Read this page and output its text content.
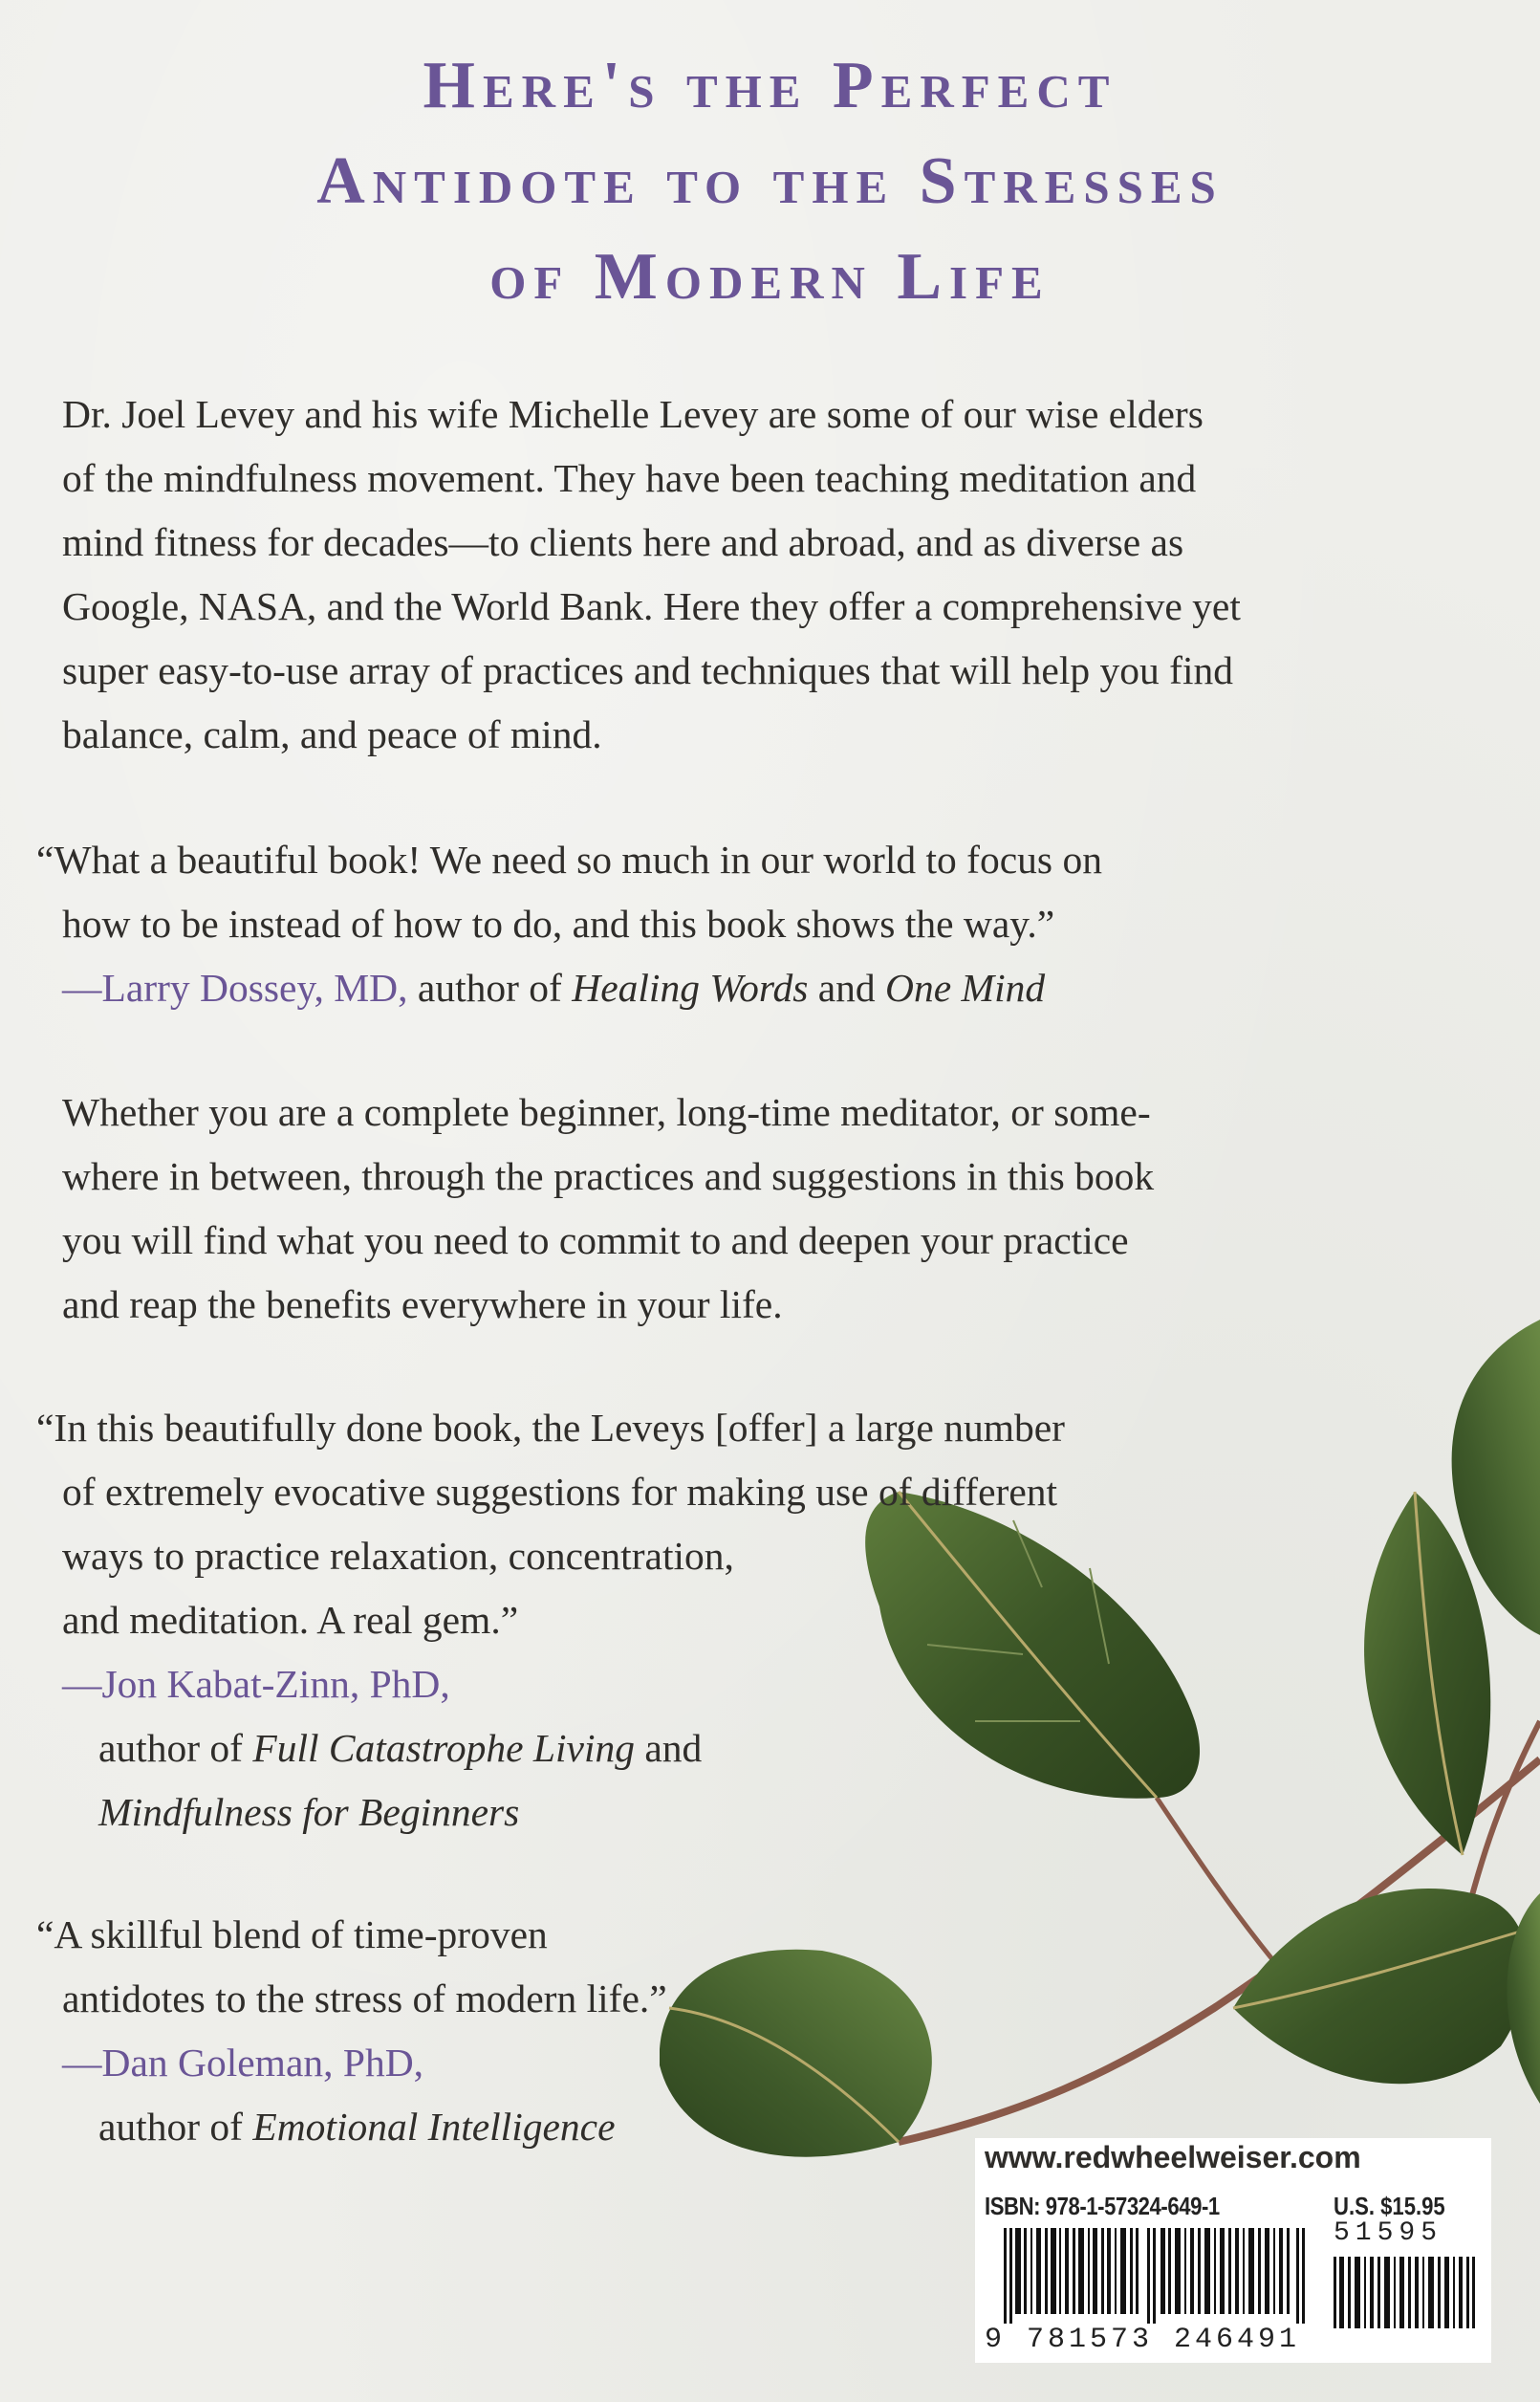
Here's the Perfect
Antidote to the Stresses
of Modern Life
Dr. Joel Levey and his wife Michelle Levey are some of our wise elders
of the mindfulness movement. They have been teaching meditation and
mind fitness for decades—to clients here and abroad, and as diverse as
Google, NASA, and the World Bank. Here they offer a comprehensive yet
super easy-to-use array of practices and techniques that will help you find
balance, calm, and peace of mind.
“What a beautiful book! We need so much in our world to focus on
how to be instead of how to do, and this book shows the way.”
—Larry Dossey, MD, author of Healing Words and One Mind
Whether you are a complete beginner, long-time meditator, or some-
where in between, through the practices and suggestions in this book
you will find what you need to commit to and deepen your practice
and reap the benefits everywhere in your life.
“In this beautifully done book, the Leveys [offer] a large number
of extremely evocative suggestions for making use of different
ways to practice relaxation, concentration,
and meditation. A real gem.”
—Jon Kabat-Zinn, PhD,
author of Full Catastrophe Living and
Mindfulness for Beginners
“A skillful blend of time-proven
antidotes to the stress of modern life.”
—Dan Goleman, PhD,
author of Emotional Intelligence
www.redwheelweiser.com
ISBN: 978-1-57324-649-1	U.S. $15.95
51595
9 781573 246491
